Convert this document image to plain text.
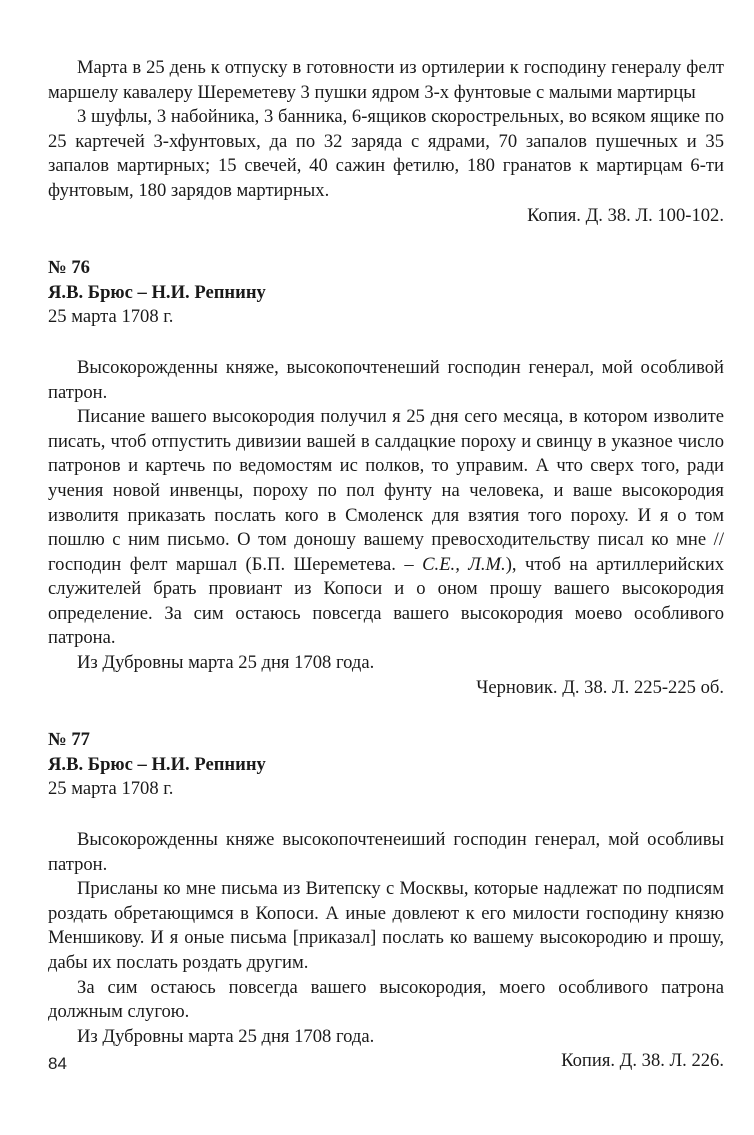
Марта в 25 день к отпуску в готовности из ортилерии к господину генералу фелт маршелу кавалеру Шереметеву 3 пушки ядром 3-х фунтовые с малыми мартирцы

3 шуфлы, 3 набойника, 3 банника, 6-ящиков скорострельных, во всяком ящике по 25 картечей 3-хфунтовых, да по 32 заряда с ядрами, 70 запалов пушечных и 35 запалов мартирных; 15 свечей, 40 сажин фетилю, 180 гранатов к мартирцам 6-ти фунтовым, 180 зарядов мартирных.

Копия. Д. 38. Л. 100-102.

№ 76

Я.В. Брюс – Н.И. Репнину

25 марта 1708 г.

Высокорожденны княже, высокопочтенеший господин генерал, мой особливой патрон.

Писание вашего высокородия получил я 25 дня сего месяца, в котором изволите писать, чтоб отпустить дивизии вашей в салдацкие пороху и свинцу в указное число патронов и картечь по ведомостям ис полков, то управим. А что сверх того, ради учения новой инвенцы, пороху по пол фунту на человека, и ваше высокородия изволитя приказать послать кого в Смоленск для взятия того пороху. И я о том пошлю с ним письмо. О том доношу вашему превосходительству писал ко мне // господин фелт маршал (Б.П. Шереметева. – С.Е., Л.М.), чтоб на артиллерийских служителей брать провиант из Копоси и о оном прошу вашего высокородия определение. За сим остаюсь повсегда вашего высокородия моево особливого патрона.

Из Дубровны марта 25 дня 1708 года.

Черновик. Д. 38. Л. 225-225 об.

№ 77

Я.В. Брюс – Н.И. Репнину

25 марта 1708 г.

Высокорожденны княже высокопочтенеиший господин генерал, мой особливы патрон.

Присланы ко мне письма из Витепску с Москвы, которые надлежат по подписям роздать обретающимся в Копоси. А иные довлеют к его милости господину князю Меншикову. И я оные письма [приказал] послать ко вашему высокородию и прошу, дабы их послать роздать другим.

За сим остаюсь повсегда вашего высокородия, моего особливого патрона должным слугою.

Из Дубровны марта 25 дня 1708 года.

Копия. Д. 38. Л. 226.

84
